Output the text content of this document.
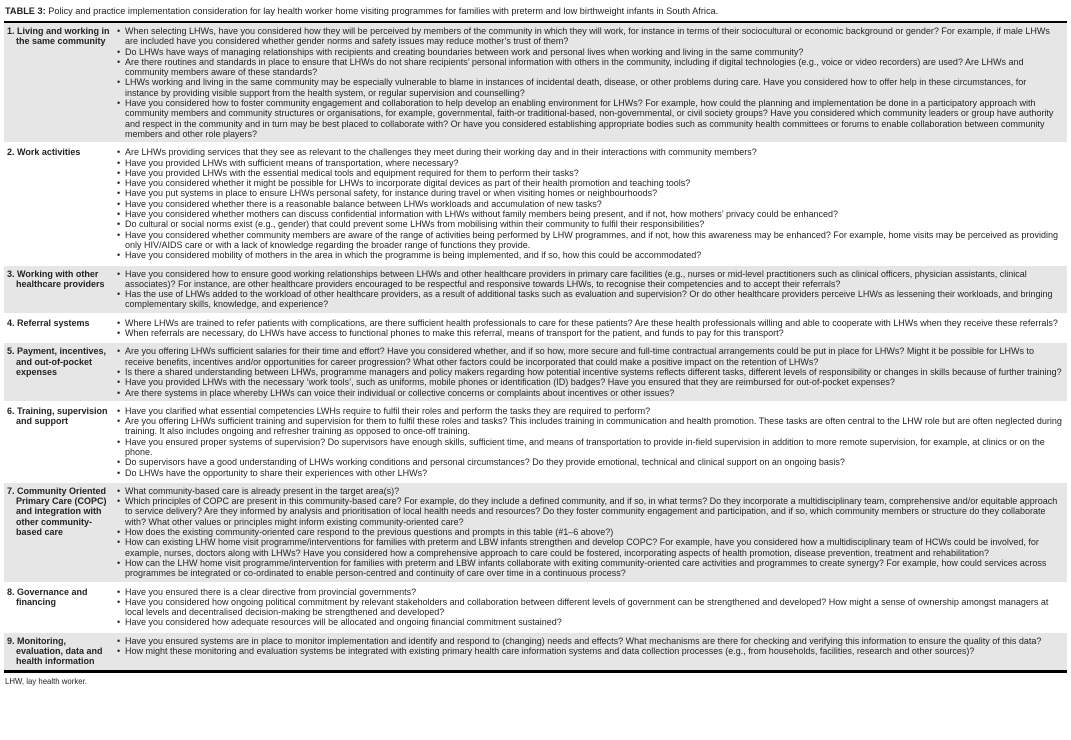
TABLE 3: Policy and practice implementation consideration for lay health worker home visiting programmes for families with preterm and low birthweight infants in South Africa.
1. Living and working in the same community
• When selecting LHWs, have you considered how they will be perceived by members of the community in which they will work, for instance in terms of their sociocultural or economic background or gender? For example, if male LHWs are included have you considered whether gender norms and safety issues may reduce mother’s trust of them?
• Do LHWs have ways of managing relationships with recipients and creating boundaries between work and personal lives when working and living in the same community?
• Are there routines and standards in place to ensure that LHWs do not share recipients’ personal information with others in the community, including if digital technologies (e.g., voice or video recorders) are used? Are LHWs and community members aware of these standards?
• LHWs working and living in the same community may be especially vulnerable to blame in instances of incidental death, disease, or other problems during care. Have you considered how to offer help in these circumstances, for instance by providing visible support from the health system, or regular supervision and counselling?
• Have you considered how to foster community engagement and collaboration to help develop an enabling environment for LHWs? For example, how could the planning and implementation be done in a participatory approach with community members and community structures or organisations, for example, governmental, faith-or traditional-based, non-governmental, or civil society groups? Have you considered which community leaders or group have authority and respect in the community and in turn may be best placed to collaborate with? Or have you considered establishing appropriate bodies such as community health committees or forums to enable collaboration between community members and other role players?
2. Work activities	• Are LHWs providing services that they see as relevant to the challenges they meet during their working day and in their interactions with community members?
• Have you provided LHWs with sufficient means of transportation, where necessary?
• Have you provided LHWs with the essential medical tools and equipment required for them to perform their tasks?
• Have you considered whether it might be possible for LHWs to incorporate digital devices as part of their health promotion and teaching tools?
• Have you put systems in place to ensure LHWs personal safety, for instance during travel or when visiting homes or neighbourhoods?
• Have you considered whether there is a reasonable balance between LHWs workloads and accumulation of new tasks?
• Have you considered whether mothers can discuss confidential information with LHWs without family members being present, and if not, how mothers’ privacy could be enhanced?
• Do cultural or social norms exist (e.g., gender) that could prevent some LHWs from mobilising within their community to fulfil their responsibilities?
• Have you considered whether community members are aware of the range of activities being performed by LHW programmes, and if not, how this awareness may be enhanced? For example, home visits may be perceived as providing only HIV/AIDS care or with a lack of knowledge regarding the broader range of functions they provide.
• Have you considered mobility of mothers in the area in which the programme is being implemented, and if so, how this could be accommodated?
3. Working with other healthcare providers
• Have you considered how to ensure good working relationships between LHWs and other healthcare providers in primary care facilities (e.g., nurses or mid-level practitioners such as clinical officers, physician assistants, clinical associates)? For instance, are other healthcare providers encouraged to be respectful and responsive towards LHWs, to recognise their competencies and to accept their referrals?
• Has the use of LHWs added to the workload of other healthcare providers, as a result of additional tasks such as evaluation and supervision? Or do other healthcare providers perceive LHWs as lessening their workloads, and bringing complementary skills, knowledge, and experience?
4. Referral systems	• Where LHWs are trained to refer patients with complications, are there sufficient health professionals to care for these patients? Are these health professionals willing and able to cooperate with LHWs when they receive these referrals?
• When referrals are necessary, do LHWs have access to functional phones to make this referral, means of transport for the patient, and funds to pay for this transport?
5. Payment, incentives, and out-of-pocket expenses
• Are you offering LHWs sufficient salaries for their time and effort? Have you considered whether, and if so how, more secure and full-time contractual arrangements could be put in place for LHWs? Might it be possible for LHWs to receive benefits, incentives and/or opportunities for career progression? What other factors could be incorporated that could make a positive impact on the retention of LHWs?
• Is there a shared understanding between LHWs, programme managers and policy makers regarding how potential incentive systems reflects different tasks, different levels of responsibility or changes in skills because of further training?
• Have you provided LHWs with the necessary ‘work tools’, such as uniforms, mobile phones or identification (ID) badges? Have you ensured that they are reimbursed for out-of-pocket expenses?
• Are there systems in place whereby LHWs can voice their individual or collective concerns or complaints about incentives or other issues?
6. Training, supervision and support
• Have you clarified what essential competencies LWHs require to fulfil their roles and perform the tasks they are required to perform?
• Are you offering LHWs sufficient training and supervision for them to fulfil these roles and tasks? This includes training in communication and health promotion. These tasks are often central to the LHW role but are often neglected during training. It also includes ongoing and refresher training as opposed to once-off training.
• Have you ensured proper systems of supervision? Do supervisors have enough skills, sufficient time, and means of transportation to provide in-field supervision in addition to more remote supervision, for example, at clinics or on the phone.
• Do supervisors have a good understanding of LHWs working conditions and personal circumstances? Do they provide emotional, technical and clinical support on an ongoing basis?
• Do LHWs have the opportunity to share their experiences with other LHWs?
7. Community Oriented Primary Care (COPC) and integration with other community-based care
• What community-based care is already present in the target area(s)?
• Which principles of COPC are present in this community-based care? For example, do they include a defined community, and if so, in what terms? Do they incorporate a multidisciplinary team, comprehensive and/or equitable approach to service delivery? Are they informed by analysis and prioritisation of local health needs and resources? Do they foster community engagement and participation, and if so, which community members or structure do they collaborate with? What other values or principles might inform existing community-oriented care?
• How does the existing community-oriented care respond to the previous questions and prompts in this table (#1–6 above?)
• How can existing LHW home visit programme/interventions for families with preterm and LBW infants strengthen and develop COPC? For example, have you considered how a multidisciplinary team of HCWs could be involved, for example, nurses, doctors along with LHWs? Have you considered how a comprehensive approach to care could be fostered, incorporating aspects of health promotion, disease prevention, treatment and rehabilitation?
• How can the LHW home visit programme/intervention for families with preterm and LBW infants collaborate with exiting community-oriented care activities and programmes to create synergy? For example, how could services across programmes be integrated or co-ordinated to enable person-centred and continuity of care over time in a continuous process?
8. Governance and financing
• Have you ensured there is a clear directive from provincial governments?
• Have you considered how ongoing political commitment by relevant stakeholders and collaboration between different levels of government can be strengthened and developed? How might a sense of ownership amongst managers at local levels and decentralised decision-making be strengthened and developed?
• Have you considered how adequate resources will be allocated and ongoing financial commitment sustained?
9. Monitoring, evaluation, data and health information
• Have you ensured systems are in place to monitor implementation and identify and respond to (changing) needs and effects? What mechanisms are there for checking and verifying this information to ensure the quality of this data?
• How might these monitoring and evaluation systems be integrated with existing primary health care information systems and data collection processes (e.g., from households, facilities, research and other sources)?
LHW, lay health worker.
